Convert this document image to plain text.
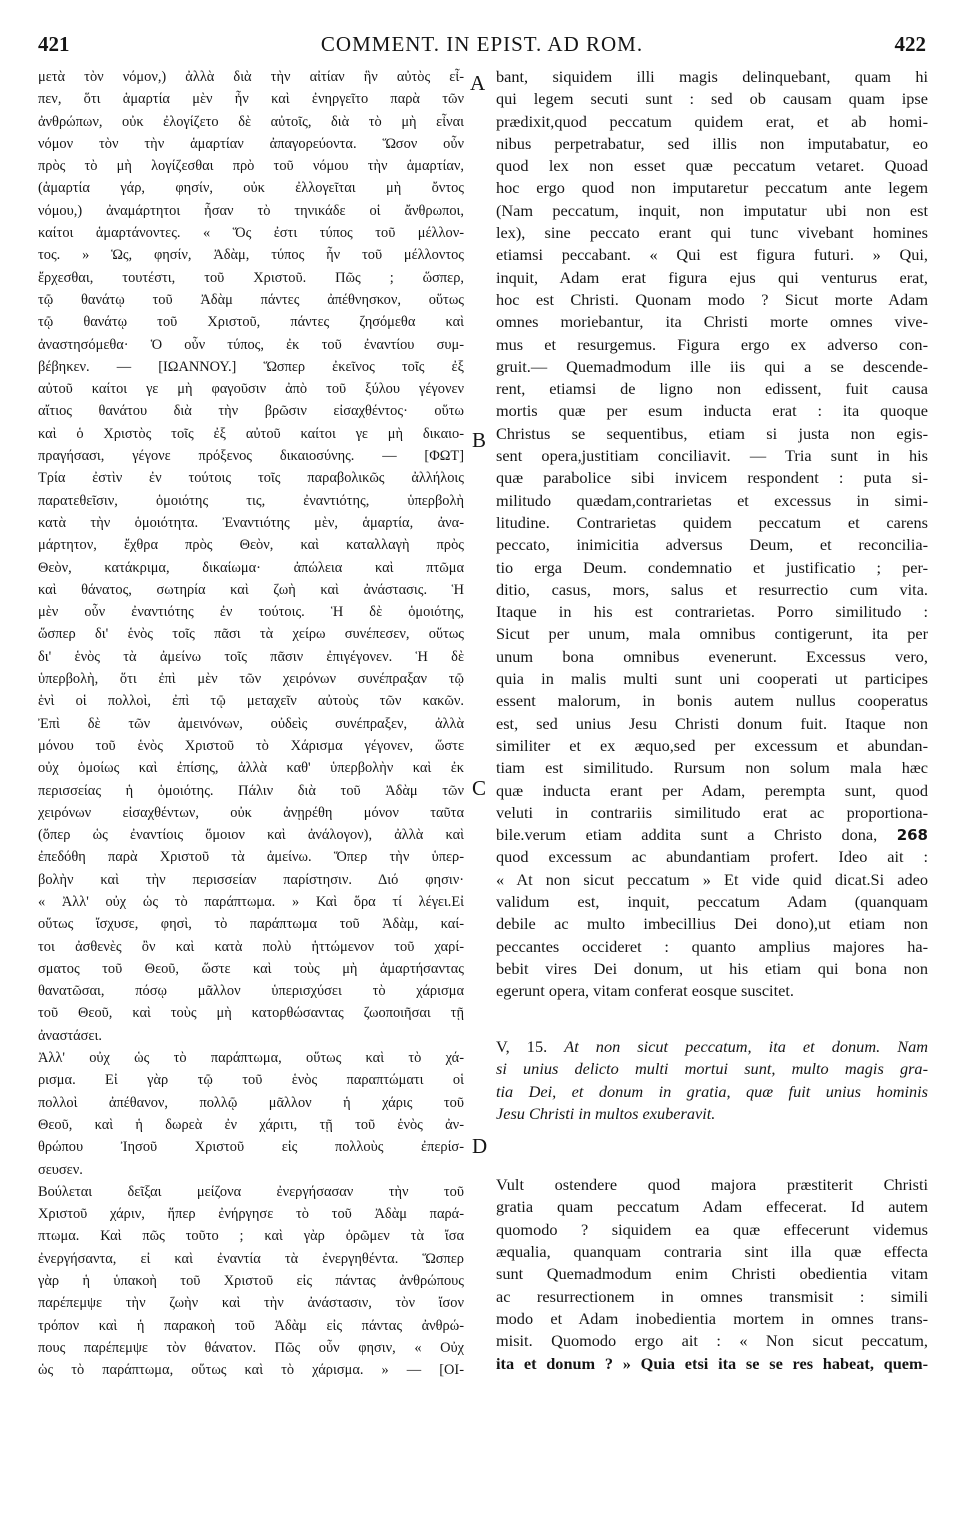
421	COMMENT. IN EPIST. AD ROM.	422
μετὰ τὸν νόμον,) ἀλλὰ διὰ τὴν αἰτίαν ἣν αὐτὸς εἶ-
πεν, ὅτι ἁμαρτία μὲν ἦν καὶ ἐνηργεῖτο παρὰ τῶν
ἀνθρώπων, οὐκ ἐλογίζετο δὲ αὐτοῖς, διὰ τὸ μὴ εἶναι
νόμον τὸν τὴν ἁμαρτίαν ἀπαγορεύοντα. Ὥσον οὖν
πρὸς τὸ μὴ λογίζεσθαι πρὸ τοῦ νόμου τὴν ἁμαρτίαν,
(ἁμαρτία γάρ, φησίν, οὐκ ἐλλογεῖται μὴ ὄντος
νόμου,) ἀναμάρτητοι ἦσαν τὸ τηνικάδε οἱ ἄνθρωποι,
καίτοι ἁμαρτάνοντες. « Ὅς ἐστι τύπος τοῦ μέλλον-
τος. » Ὡς, φησίν, Ἀδὰμ, τύπος ἦν τοῦ μέλλοντος
ἔρχεσθαι, τουτέστι, τοῦ Χριστοῦ. Πῶς ; ὥσπερ,
τῷ θανάτῳ τοῦ Ἀδὰμ πάντες ἀπέθνησκον, οὕτως
τῷ θανάτῳ τοῦ Χριστοῦ, πάντες ζησόμεθα καὶ
ἀναστησόμεθα· Ὁ οὖν τύπος, ἐκ τοῦ ἐναντίου συμ-
βέβηκεν. — [ΙΩΑΝΝΟΥ.] Ὥσπερ ἐκεῖνος τοῖς ἐξ
αὐτοῦ καίτοι γε μὴ φαγοῦσιν ἀπὸ τοῦ ξύλου γέγονεν
αἴτιος θανάτου διὰ τὴν βρῶσιν εἰσαχθέντος· οὕτω
καὶ ὁ Χριστὸς τοῖς ἐξ αὐτοῦ καίτοι γε μὴ δικαιο-
πραγήσασι, γέγονε πρόξενος δικαιοσύνης. — [ΦΩΤ]
Τρία ἐστὶν ἐν τούτοις τοῖς παραβολικῶς ἀλλήλοις
παρατεθεῖσιν, ὁμοιότης τις, ἐναντιότης, ὑπερβολὴ
κατὰ τὴν ὁμοιότητα. Ἐναντιότης μὲν, ἁμαρτία, ἀνα-
μάρτητον, ἔχθρα πρὸς Θεὸν, καὶ καταλλαγὴ πρὸς
Θεὸν, κατάκριμα, δικαίωμα· ἀπώλεια καὶ πτῶμα
καὶ θάνατος, σωτηρία καὶ ζωὴ καὶ ἀνάστασις. Ἡ
μὲν οὖν ἐναντιότης ἐν τούτοις. Ἡ δὲ ὁμοιότης,
ὥσπερ δι' ἑνὸς τοῖς πᾶσι τὰ χείρω συνέπεσεν, οὕτως
δι' ἑνὸς τὰ ἀμείνω τοῖς πᾶσιν ἐπιγέγονεν. Ἡ δὲ
ὑπερβολὴ, ὅτι ἐπὶ μὲν τῶν χειρόνων συνέπραξαν τῷ
ἑνὶ οἱ πολλοὶ, ἐπὶ τῷ μεταχεῖν αὐτοὺς τῶν κακῶν.
Ἐπὶ δὲ τῶν ἀμεινόνων, οὐδεὶς συνέπραξεν, ἀλλὰ
μόνου τοῦ ἑνὸς Χριστοῦ τὸ Χάρισμα γέγονεν, ὥστε
οὐχ ὁμοίως καὶ ἐπίσης, ἀλλὰ καθ' ὑπερβολὴν καὶ ἐκ
περισσείας ἡ ὁμοιότης. Πάλιν διὰ τοῦ Ἀδὰμ τῶν
χειρόνων εἰσαχθέντων, οὐκ ἀνῃρέθη μόνον ταῦτα
(ὅπερ ὡς ἐναντίοις ὅμοιον καὶ ἀνάλογον), ἀλλὰ καὶ
ἐπεδόθη παρὰ Χριστοῦ τὰ ἀμείνω. Ὅπερ τὴν ὑπερ-
βολὴν καὶ τὴν περισσείαν παρίστησιν. Διό φησιν·
« Ἀλλ' οὐχ ὡς τὸ παράπτωμα. » Καὶ ὅρα τί λέγει.Εἰ
οὕτως ἴσχυσε, φησὶ, τὸ παράπτωμα τοῦ Ἀδὰμ, καί-
τοι ἀσθενὲς ὂν καὶ κατὰ πολὺ ἡττώμενον τοῦ χαρί-
σματος τοῦ Θεοῦ, ὥστε καὶ τοὺς μὴ ἁμαρτήσαντας
θανατῶσαι, πόσῳ μᾶλλον ὑπερισχύσει τὸ χάρισμα
τοῦ Θεοῦ, καὶ τοὺς μὴ κατορθώσαντας ζωοποιῆσαι τῇ
ἀναστάσει.
Ἀλλ' οὐχ ὡς τὸ παράπτωμα, οὕτως καὶ τὸ χά-
ρισμα. Εἰ γὰρ τῷ τοῦ ἑνὸς παραπτώματι οἱ
πολλοὶ ἀπέθανον, πολλῷ μᾶλλον ἡ χάρις τοῦ
Θεοῦ, καὶ ἡ δωρεὰ ἐν χάριτι, τῇ τοῦ ἑνὸς ἀν-
θρώπου Ἰησοῦ Χριστοῦ εἰς πολλοὺς ἐπερίσ-
σευσεν.
Βούλεται δεῖξαι μείζονα ἐνεργήσασαν τὴν τοῦ
Χριστοῦ χάριν, ἥπερ ἐνήργησε τὸ τοῦ Ἀδὰμ παρά-
πτωμα. Καὶ πῶς τοῦτο ; καὶ γὰρ ὁρῶμεν τὰ ἴσα
ἐνεργήσαντα, εἰ καὶ ἐναντία τὰ ἐνεργηθέντα. Ὥσπερ
γὰρ ἡ ὑπακοὴ τοῦ Χριστοῦ εἰς πάντας ἀνθρώπους
παρέπεμψε τὴν ζωὴν καὶ τὴν ἀνάστασιν, τὸν ἴσον
τρόπον καὶ ἡ παρακοὴ τοῦ Ἀδὰμ εἰς πάντας ἀνθρώ-
πους παρέπεμψε τὸν θάνατον. Πῶς οὖν φησιν, « Οὐχ
ὡς τὸ παράπτωμα, οὕτως καὶ τὸ χάρισμα. » — [ΟΙ-
bant, siquidem illi magis delinquebant, quam hi
qui legem secuti sunt : sed ob causam quam ipse
prædixit,quod peccatum quidem erat, et ab homi-
nibus perpetrabatur, sed illis non imputabatur, eo
quod lex non esset quæ peccatum vetaret. Quoad
hoc ergo quod non imputaretur peccatum ante legem
(Nam peccatum, inquit, non imputatur ubi non est
lex), sine peccato erant qui tunc vivebant homines
etiamsi peccabant. « Qui est figura futuri. » Qui,
inquit, Adam erat figura ejus qui venturus erat,
hoc est Christi. Quonam modo ? Sicut morte Adam
omnes moriebantur, ita Christi morte omnes vive-
mus et resurgemus. Figura ergo ex adverso con-
gruit.— Quemadmodum ille iis qui a se descende-
rent, etiamsi de ligno non edissent, fuit causa
mortis quæ per esum inducta erat : ita quoque
Christus se sequentibus, etiam si justa non egis-
sent opera,justitiam conciliavit. — Tria sunt in his
quæ parabolice sibi invicem respondent : puta si-
militudo quædam,contrarietas et excessus in simi-
litudine. Contrarietas quidem peccatum et carens
peccato, inimicitia adversus Deum, et reconcilia-
tio erga Deum. condemnatio et justificatio ; per-
ditio, casus, mors, salus et resurrectio cum vita.
Itaque in his est contrarietas. Porro similitudo :
Sicut per unum, mala omnibus contigerunt, ita per
unum bona omnibus evenerunt. Excessus vero,
quia in malis multi sunt uni cooperati ut participes
essent malorum, in bonis autem nullus cooperatus
est, sed unius Jesu Christi donum fuit. Itaque non
similiter et ex æquo,sed per excessum et abundan-
tiam est similitudo. Rursum non solum mala hæc
quæ inducta erant per Adam, perempta sunt, quod
veluti in contrariis similitudo erat ac proportiona-
bile.verum etiam addita sunt a Christo dona, 268
quod excessum ac abundantiam profert. Ideo ait :
« At non sicut peccatum » Et vide quid dicat.Si adeo
validum est, inquit, peccatum Adam (quanquam
debile ac multo imbecillius Dei dono),ut etiam non
peccantes occideret : quanto amplius majores ha-
bebit vires Dei donum, ut his etiam qui bona non
egerunt opera, vitam conferat eosque suscitet.
V, 15. At non sicut peccatum, ita et donum. Nam
si unius delicto multi mortui sunt, multo magis gra-
tia Dei, et donum in gratia, quæ fuit unius hominis
Jesu Christi in multos exuberavit.
Vult ostendere quod majora præstiterit Christi
gratia quam peccatum Adam effecerat. Id autem
quomodo ? siquidem ea quæ effecerunt videmus
æqualia, quanquam contraria sint illa quæ effecta
sunt Quemadmodum enim Christi obedientia vitam
ac resurrectionem in omnes transmisit : simili
modo et Adam inobedientia mortem in omnes trans-
misit. Quomodo ergo ait : « Non sicut peccatum,
ita et donum ? » Quia etsi ita se se res habeat, quem-
A
B
C
D
